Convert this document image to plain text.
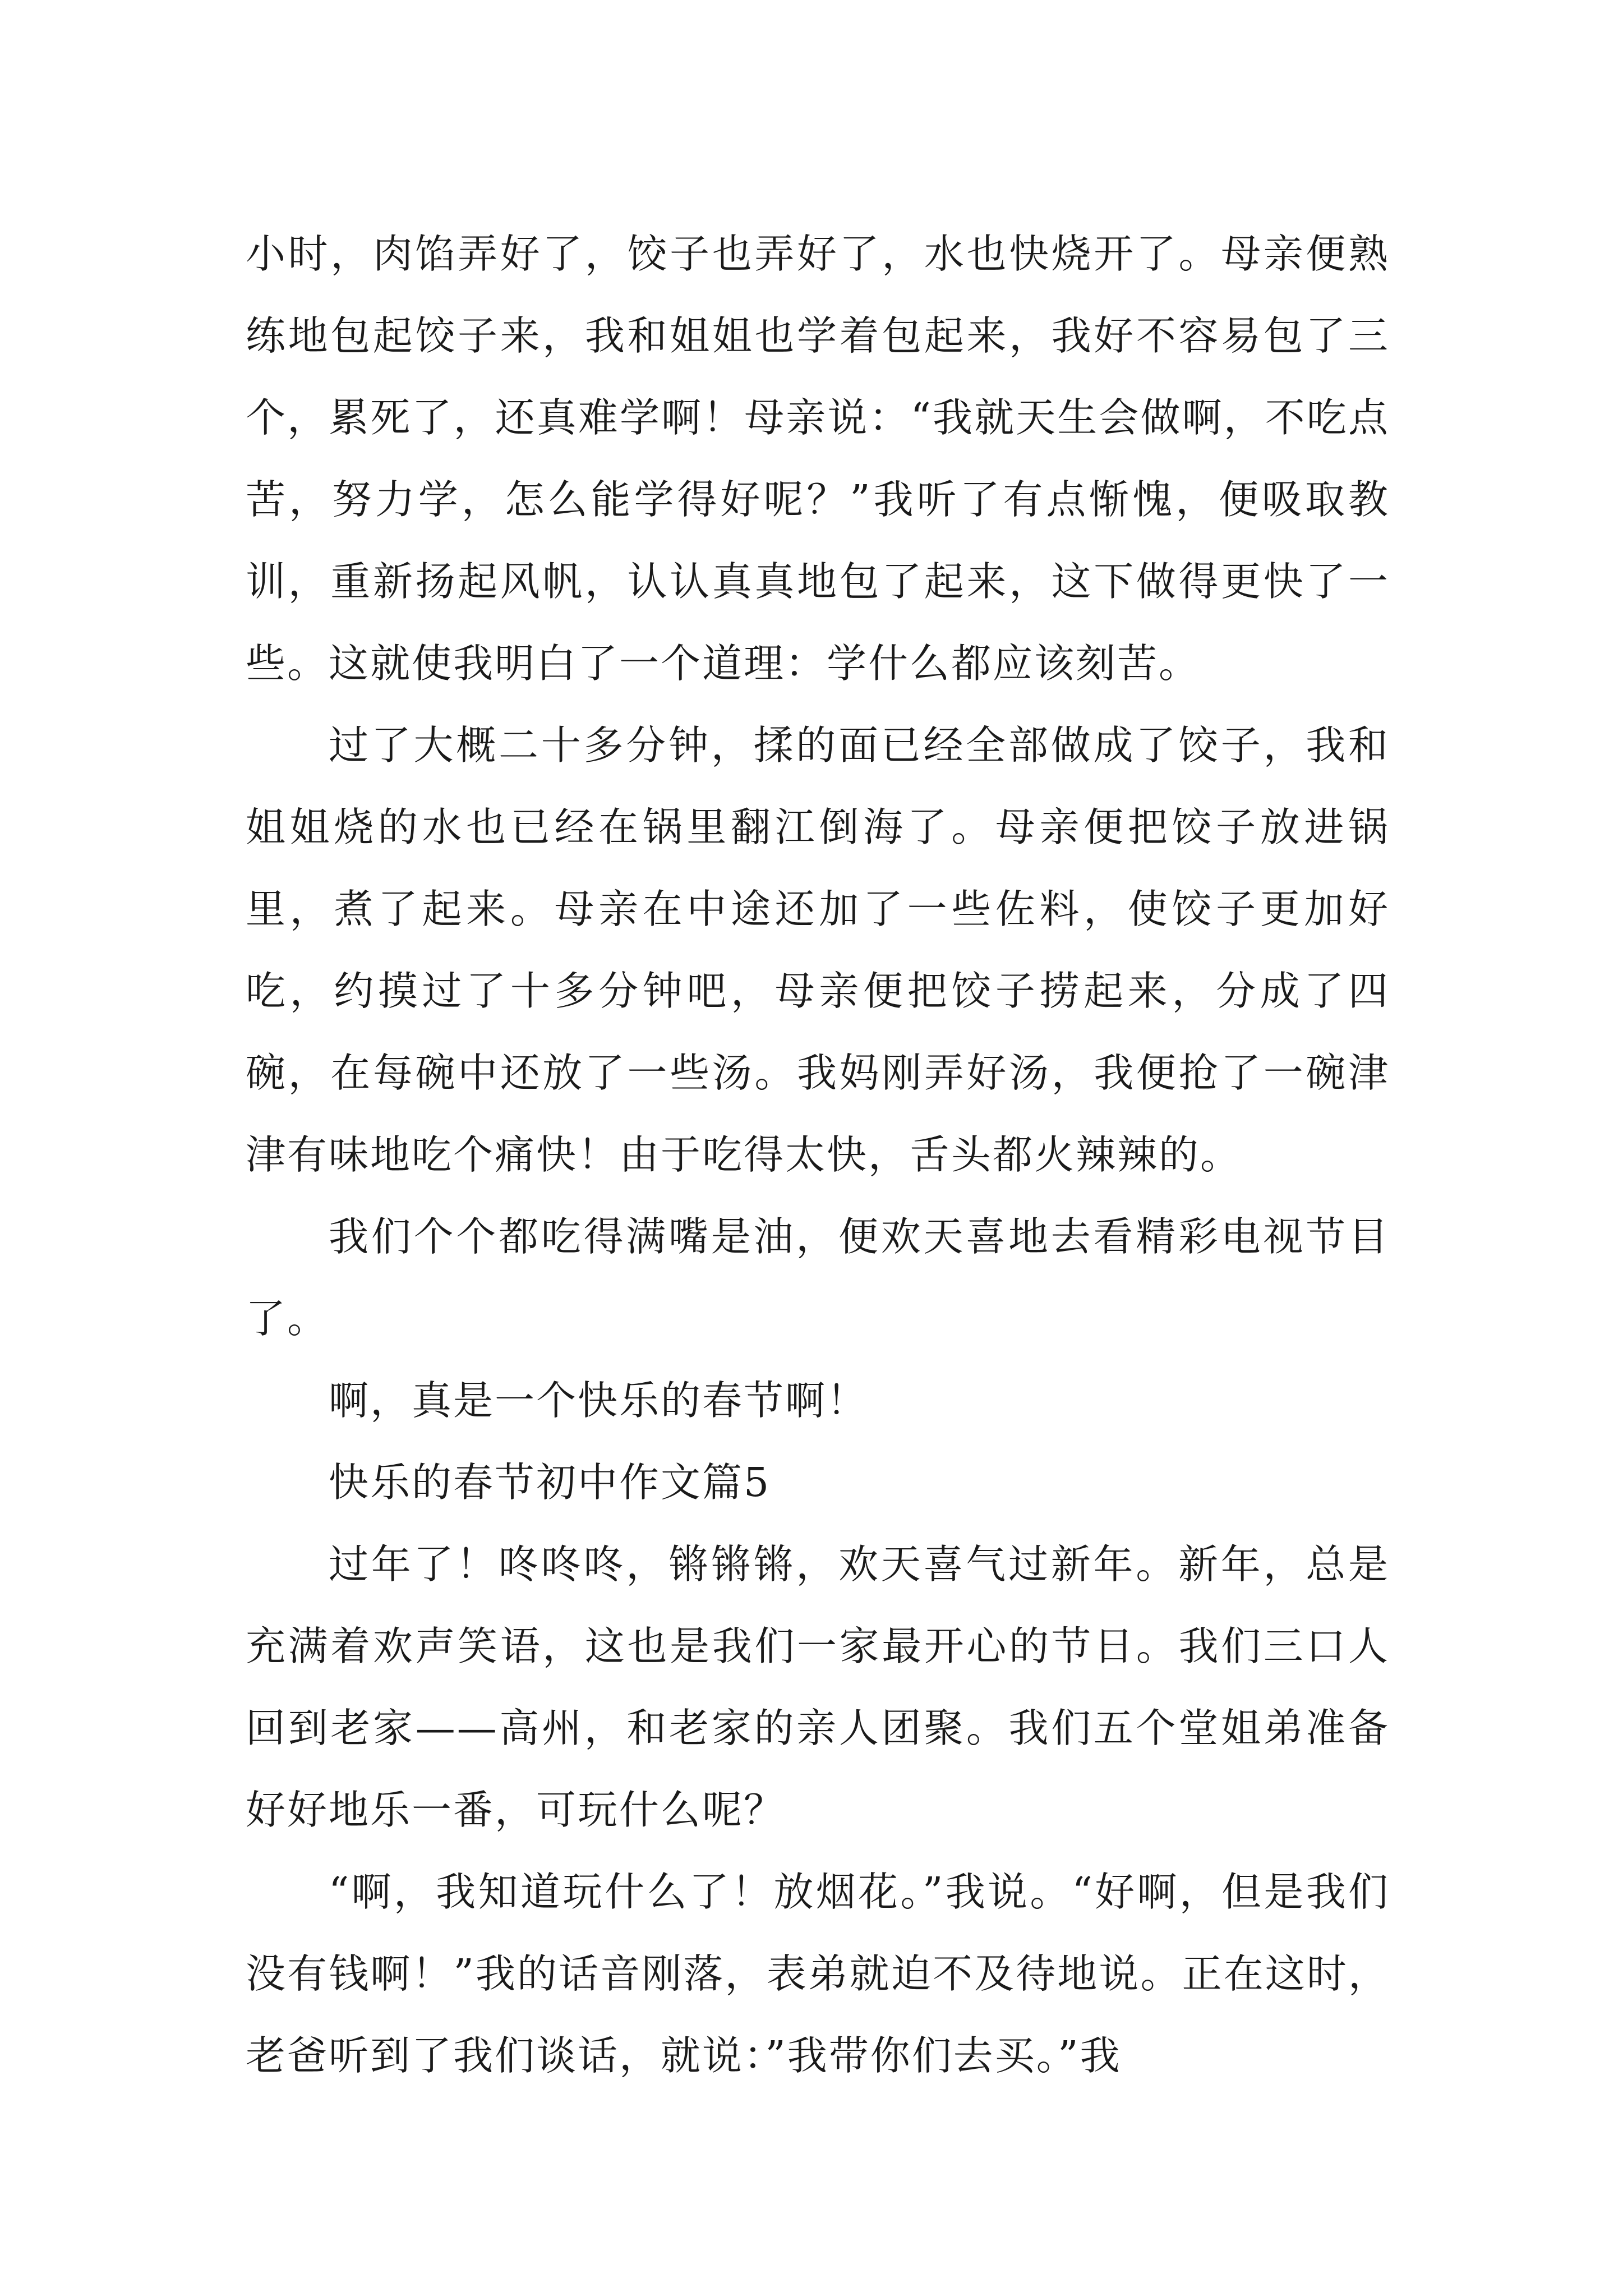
小时，肉馅弄好了，饺子也弄好了，水也快烧开了。母亲便熟练地包起饺子来，我和姐姐也学着包起来，我好不容易包了三个，累死了，还真难学啊！母亲说：“我就天生会做啊，不吃点苦，努力学，怎么能学得好呢？”我听了有点惭愧，便吸取教训，重新扬起风帆，认认真真地包了起来，这下做得更快了一些。这就使我明白了一个道理：学什么都应该刻苦。

过了大概二十多分钟，揉的面已经全部做成了饺子，我和姐姐烧的水也已经在锅里翻江倒海了。母亲便把饺子放进锅里，煮了起来。母亲在中途还加了一些佐料，使饺子更加好吃，约摸过了十多分钟吧，母亲便把饺子捞起来，分成了四碗，在每碗中还放了一些汤。我妈刚弄好汤，我便抢了一碗津津有味地吃个痛快！由于吃得太快，舌头都火辣辣的。

我们个个都吃得满嘴是油，便欢天喜地去看精彩电视节目了。

啊，真是一个快乐的春节啊！

快乐的春节初中作文篇5

过年了！咚咚咚，锵锵锵，欢天喜气过新年。新年，总是充满着欢声笑语，这也是我们一家最开心的节日。我们三口人回到老家——高州，和老家的亲人团聚。我们五个堂姐弟准备好好地乐一番，可玩什么呢？

“啊，我知道玩什么了！放烟花。”我说。“好啊，但是我们没有钱啊！”我的话音刚落，表弟就迫不及待地说。正在这时，老爸听到了我们谈话，就说：”我带你们去买。”我
